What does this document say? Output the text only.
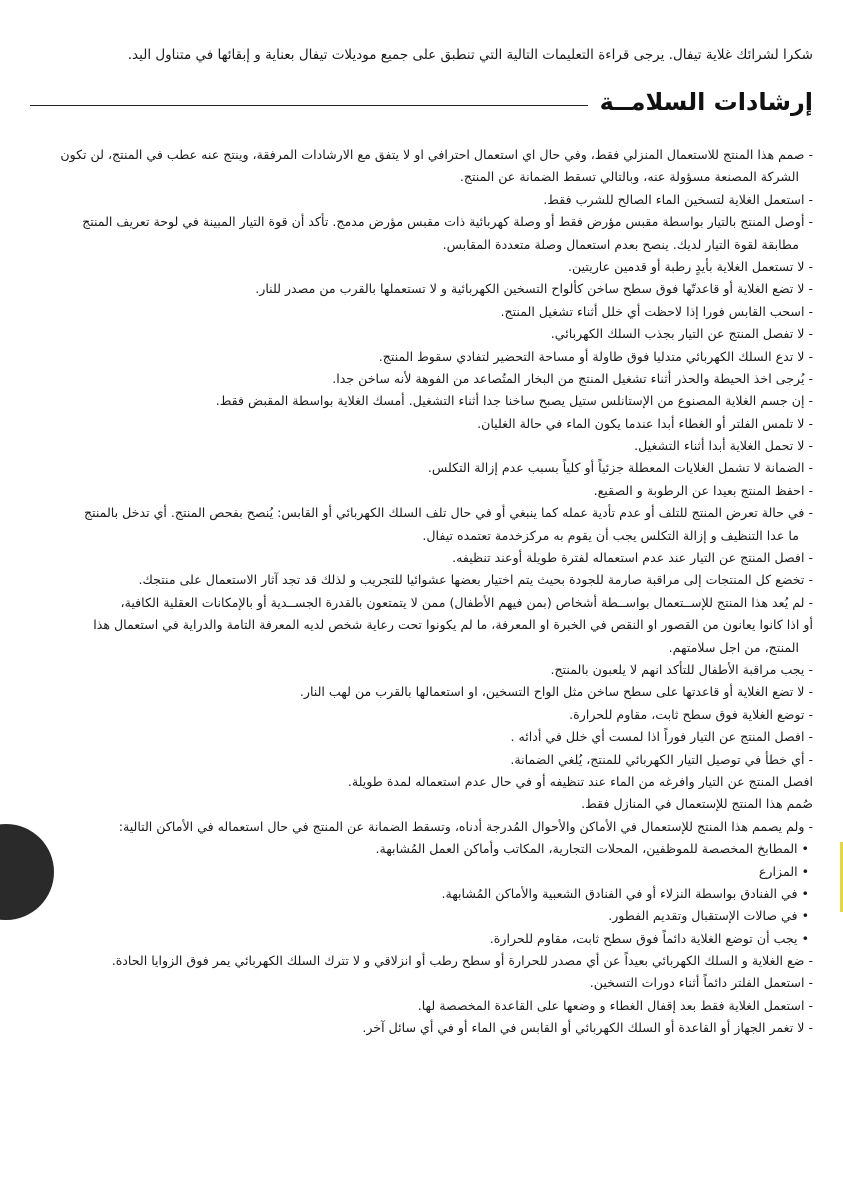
شكرا لشرائك غلاية تيفال. يرجى قراءة التعليمات التالية التي تنطبق على جميع موديلات تيفال بعناية و إبقائها في متناول اليد.
إرشادات السلامــة
- صمم هذا المنتج للاستعمال المنزلي فقط، وفي حال اي استعمال احترافي او لا يتفق مع الارشادات المرفقة، وينتج عنه عطب في المنتج، لن تكون
الشركة المصنعة مسؤولة عنه، وبالتالي تسقط الضمانة عن المنتج.
- استعمل الغلاية لتسخين الماء الصالح للشرب فقط.
- أوصل المنتج بالتيار بواسطة مقبس مؤرض فقط أو وصلة كهربائية ذات مقبس مؤرض مدمج. تأكد أن قوة التيار المبينة في لوحة تعريف المنتج
مطابقة لقوة التيار لديك. ينصح بعدم استعمال وصلة متعددة المقابس.
- لا تستعمل الغلاية بأيدٍ رطبة أو قدمين عاريتين.
- لا تضع الغلاية أو قاعدتّها فوق سطح ساخن كألواح التسخين الكهربائية و لا تستعملها بالقرب من مصدر للنار.
- اسحب القابس فورا إذا لاحظت أي خلل أثناء تشغيل المنتج.
- لا تفصل المنتج عن التيار بجذب السلك الكهربائي.
- لا تدع السلك الكهربائي متدليا فوق طاولة أو مساحة التحضير لتفادي سقوط المنتج.
- يُرجى اخذ الحيطة والحذر أثناء تشغيل المنتج من البخار المتُصاعد من الفوهة لأنه ساخن جدا.
- إن جسم الغلاية المصنوع من الإستانلس ستيل يصبح ساخنا جدا أثناء التشغيل. أمسك الغلاية بواسطة المقبض فقط.
- لا تلمس الفلتر أو الغطاء أبدا عندما يكون الماء في حالة الغليان.
- لا تحمل الغلاية أبدا أثناء التشغيل.
- الضمانة لا تشمل الغلايات المعطلة جزئياً أو كلياً بسبب عدم إزالة التكلس.
- احفظ المنتج بعيدا عن الرطوبة و الصقيع.
- في حالة تعرض المنتج للتلف أو عدم تأدية عمله كما ينبغي أو في حال تلف السلك الكهربائي أو القابس: يُنصح بفحص المنتج. أي تدخل بالمنتج
ما عدا التنظيف و إزالة التكلس يجب أن يقوم به مركزخدمة تعتمده تيفال.
- افصل المنتج عن التيار عند عدم استعماله لفترة طويلة أوعند تنظيفه.
- تخضع كل المنتجات إلى مراقبة صارمة للجودة بحيث يتم اختيار بعضها عشوائيا للتجريب و لذلك قد تجد آثار الاستعمال على منتجك.
- لم يُعد هذا المنتج للإســتعمال بواســطة أشخاص (بمن فيهم الأطفال) ممن لا يتمتعون بالقدرة الجســدية أو بالإمكانات العقلية الكافية،
أو اذا كانوا يعانون من القصور او النقص في الخبرة او المعرفة، ما لم يكونوا تحت رعاية شخص لديه المعرفة التامة والدراية في استعمال هذا
المنتج، من اجل سلامتهم.
- يجب مراقبة الأطفال للتأكد انهم لا يلعبون بالمنتج.
- لا تضع الغلاية أو قاعدتها على سطح ساخن مثل الواح التسخين، او استعمالها بالقرب من لهب النار.
- توضع الغلاية فوق سطح ثابت، مقاوم للحرارة.
- افصل المنتج عن التيار فوراً اذا لمست أي خلل في أدائه .
- أي خطأ في توصيل التيار الكهربائي للمنتج، يُلغي الضمانة.
افصل المنتج عن التيار وافرغه من الماء عند تنظيفه أو في حال عدم استعماله لمدة طويلة.
صُمم هذا المنتج للإستعمال في المنازل فقط.
- ولم يصمم هذا المنتج للإستعمال في الأماكن والأحوال المُدرجة أدناه، وتسقط الضمانة عن المنتج في حال استعماله في الأماكن التالية:
• المطابخ المخصصة للموظفين، المحلات التجارية، المكاتب وأماكن العمل المُشابهة.
• المزارع
• في الفنادق بواسطة النزلاء أو في الفنادق الشعبية والأماكن المُشابهة.
• في صالات الإستقبال وتقديم الفطور.
• يجب أن توضع الغلاية دائماً فوق سطح ثابت، مقاوم للحرارة.
- ضع الغلاية و السلك الكهربائي بعيداً عن أي مصدر للحرارة أو سطح رطب أو انزلاقي و لا تترك السلك الكهربائي يمر فوق الزوايا الحادة.
- استعمل الفلتر دائماً أثناء دورات التسخين.
- استعمل الغلاية فقط بعد إقفال الغطاء و وضعها على القاعدة المخصصة لها.
- لا تغمر الجهاز أو القاعدة أو السلك الكهربائي أو القابس في الماء أو في أي سائل آخر.
